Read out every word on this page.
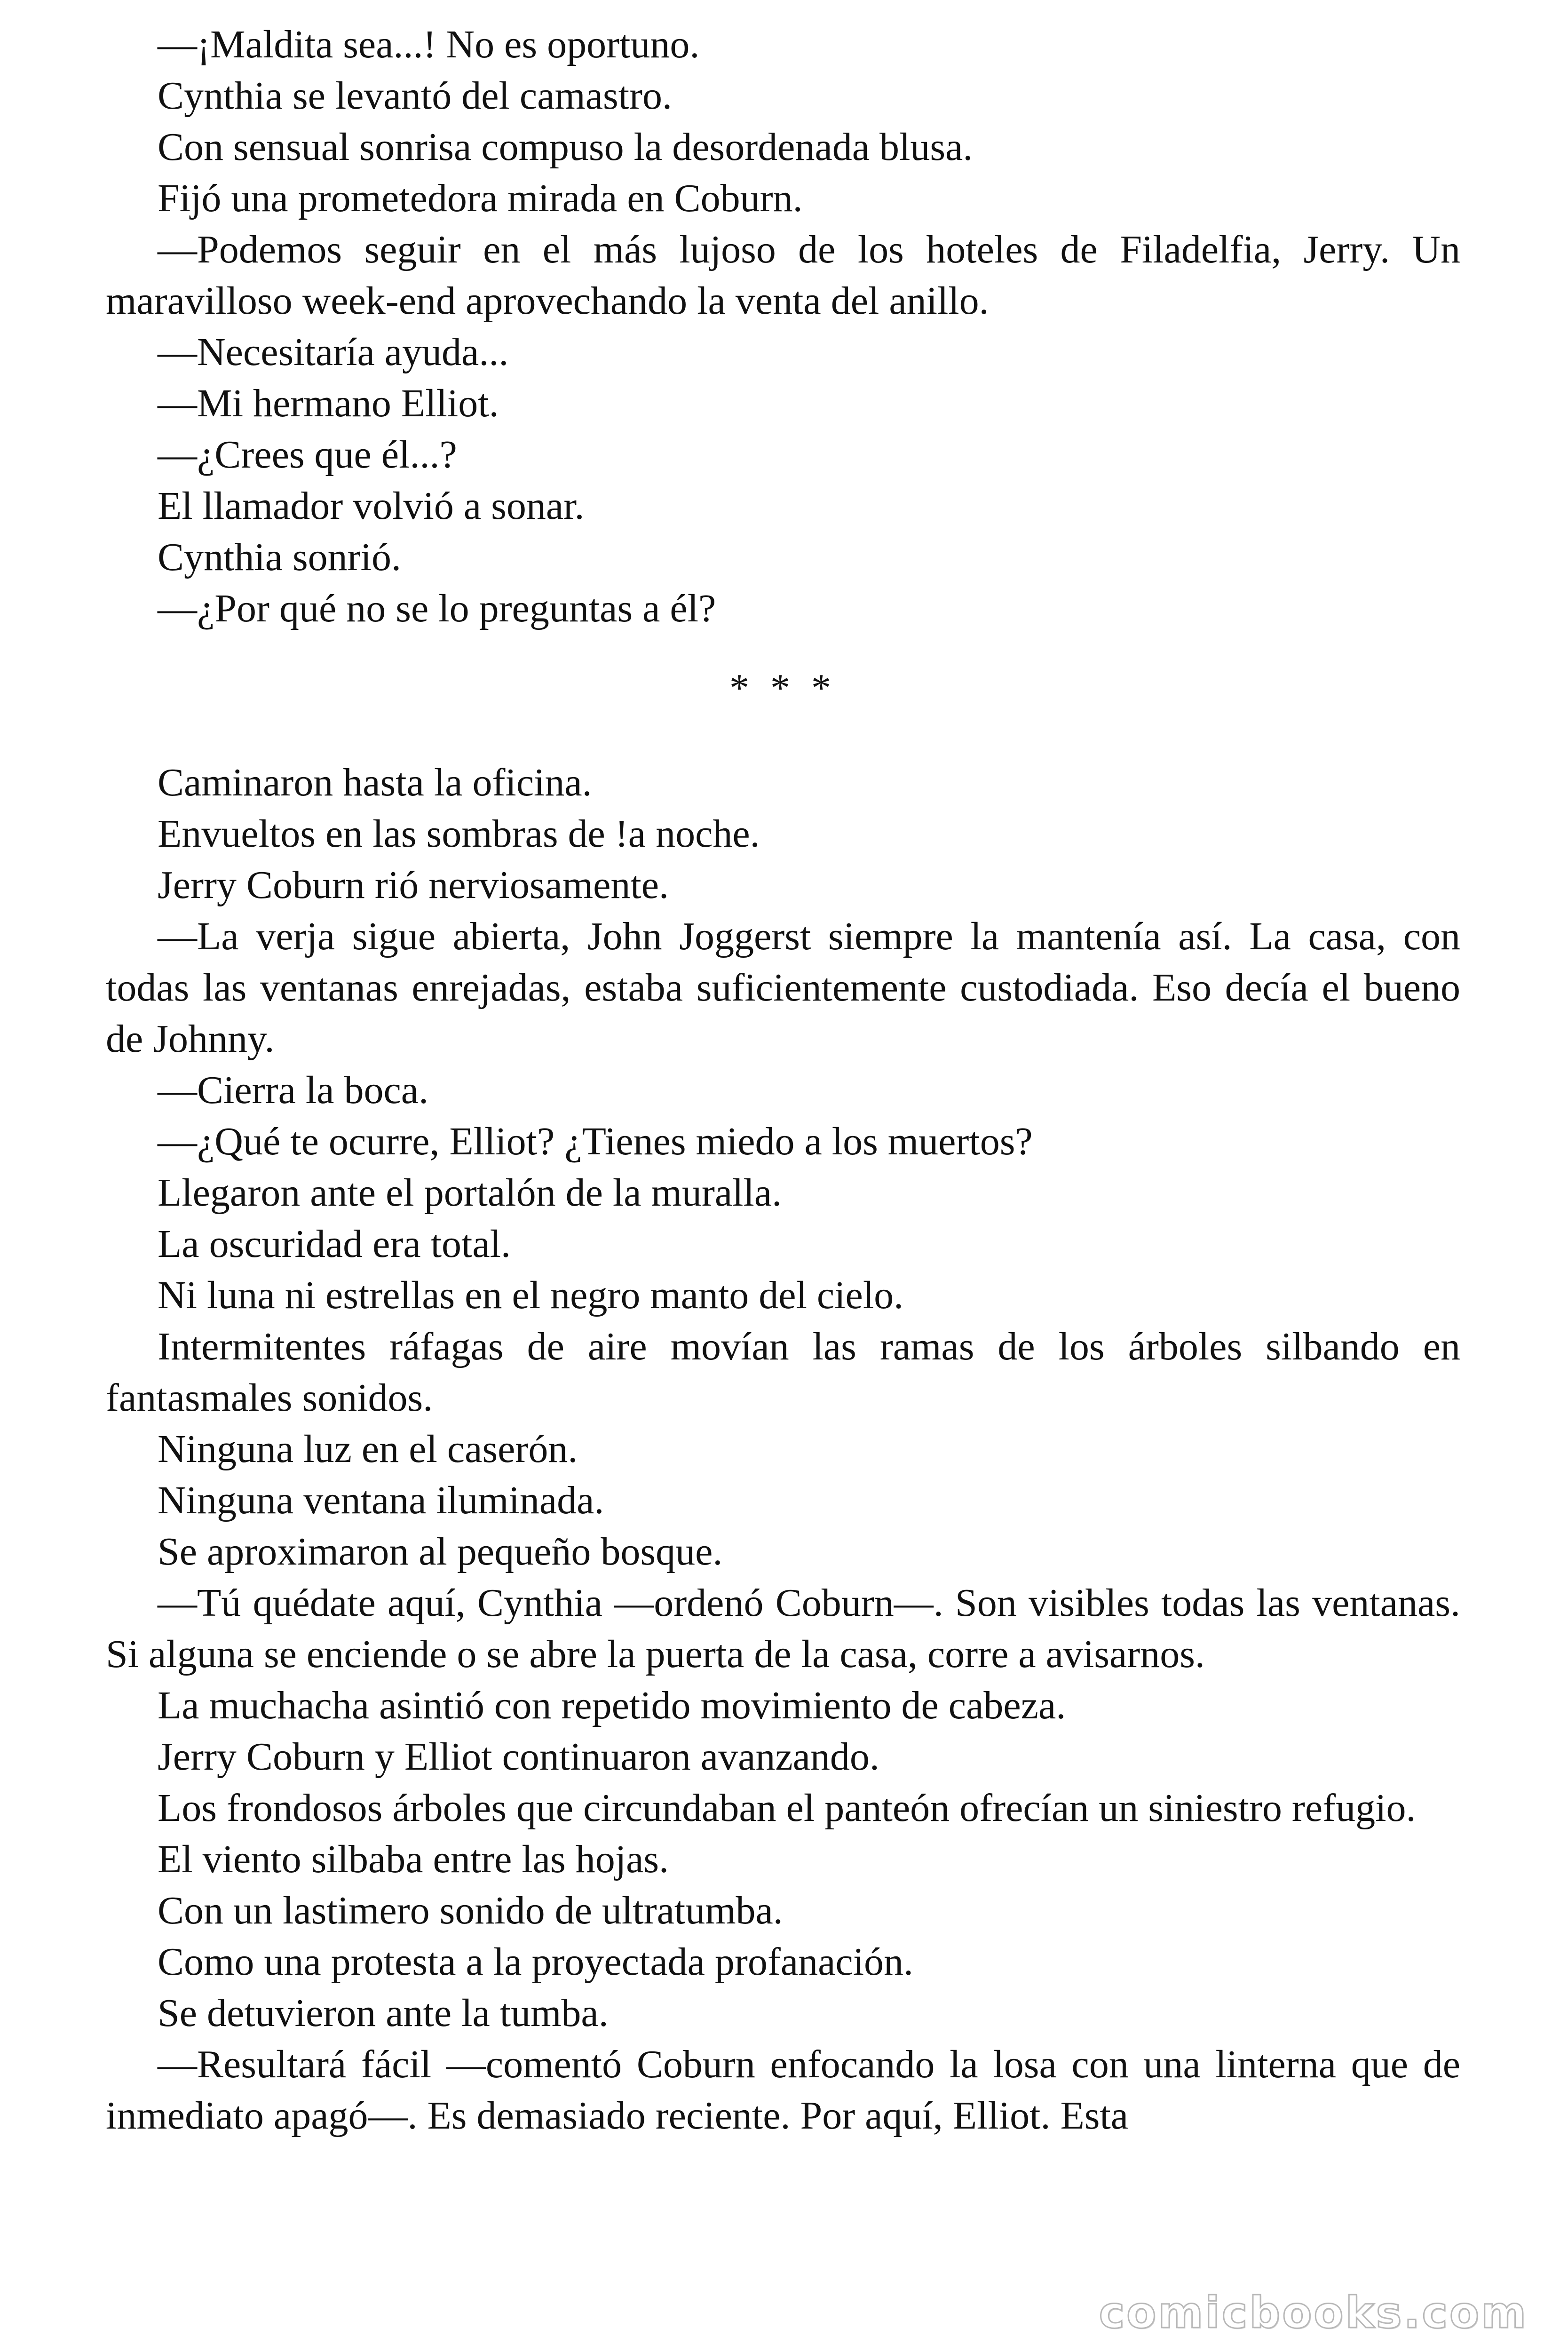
—¡Maldita sea...! No es oportuno.

Cynthia se levantó del camastro.

Con sensual sonrisa compuso la desordenada blusa.

Fijó una prometedora mirada en Coburn.

—Podemos seguir en el más lujoso de los hoteles de Filadelfia, Jerry. Un maravilloso week-end aprovechando la venta del anillo.

—Necesitaría ayuda...

—Mi hermano Elliot.

—¿Crees que él...?

El llamador volvió a sonar.

Cynthia sonrió.

—¿Por qué no se lo preguntas a él?

* * *

Caminaron hasta la oficina.

Envueltos en las sombras de !a noche.

Jerry Coburn rió nerviosamente.

—La verja sigue abierta, John Joggerst siempre la mantenía así. La casa, con todas las ventanas enrejadas, estaba suficientemente custodiada. Eso decía el bueno de Johnny.

—Cierra la boca.

—¿Qué te ocurre, Elliot? ¿Tienes miedo a los muertos?

Llegaron ante el portalón de la muralla.

La oscuridad era total.

Ni luna ni estrellas en el negro manto del cielo.

Intermitentes ráfagas de aire movían las ramas de los árboles silbando en fantasmales sonidos.

Ninguna luz en el caserón.

Ninguna ventana iluminada.

Se aproximaron al pequeño bosque.

—Tú quédate aquí, Cynthia —ordenó Coburn—. Son visibles todas las ventanas. Si alguna se enciende o se abre la puerta de la casa, corre a avisarnos.

La muchacha asintió con repetido movimiento de cabeza.

Jerry Coburn y Elliot continuaron avanzando.

Los frondosos árboles que circundaban el panteón ofrecían un siniestro refugio.

El viento silbaba entre las hojas.

Con un lastimero sonido de ultratumba.

Como una protesta a la proyectada profanación.

Se detuvieron ante la tumba.

—Resultará fácil —comentó Coburn enfocando la losa con una linterna que de inmediato apagó—. Es demasiado reciente. Por aquí, Elliot. Esta

comicbooks.com
